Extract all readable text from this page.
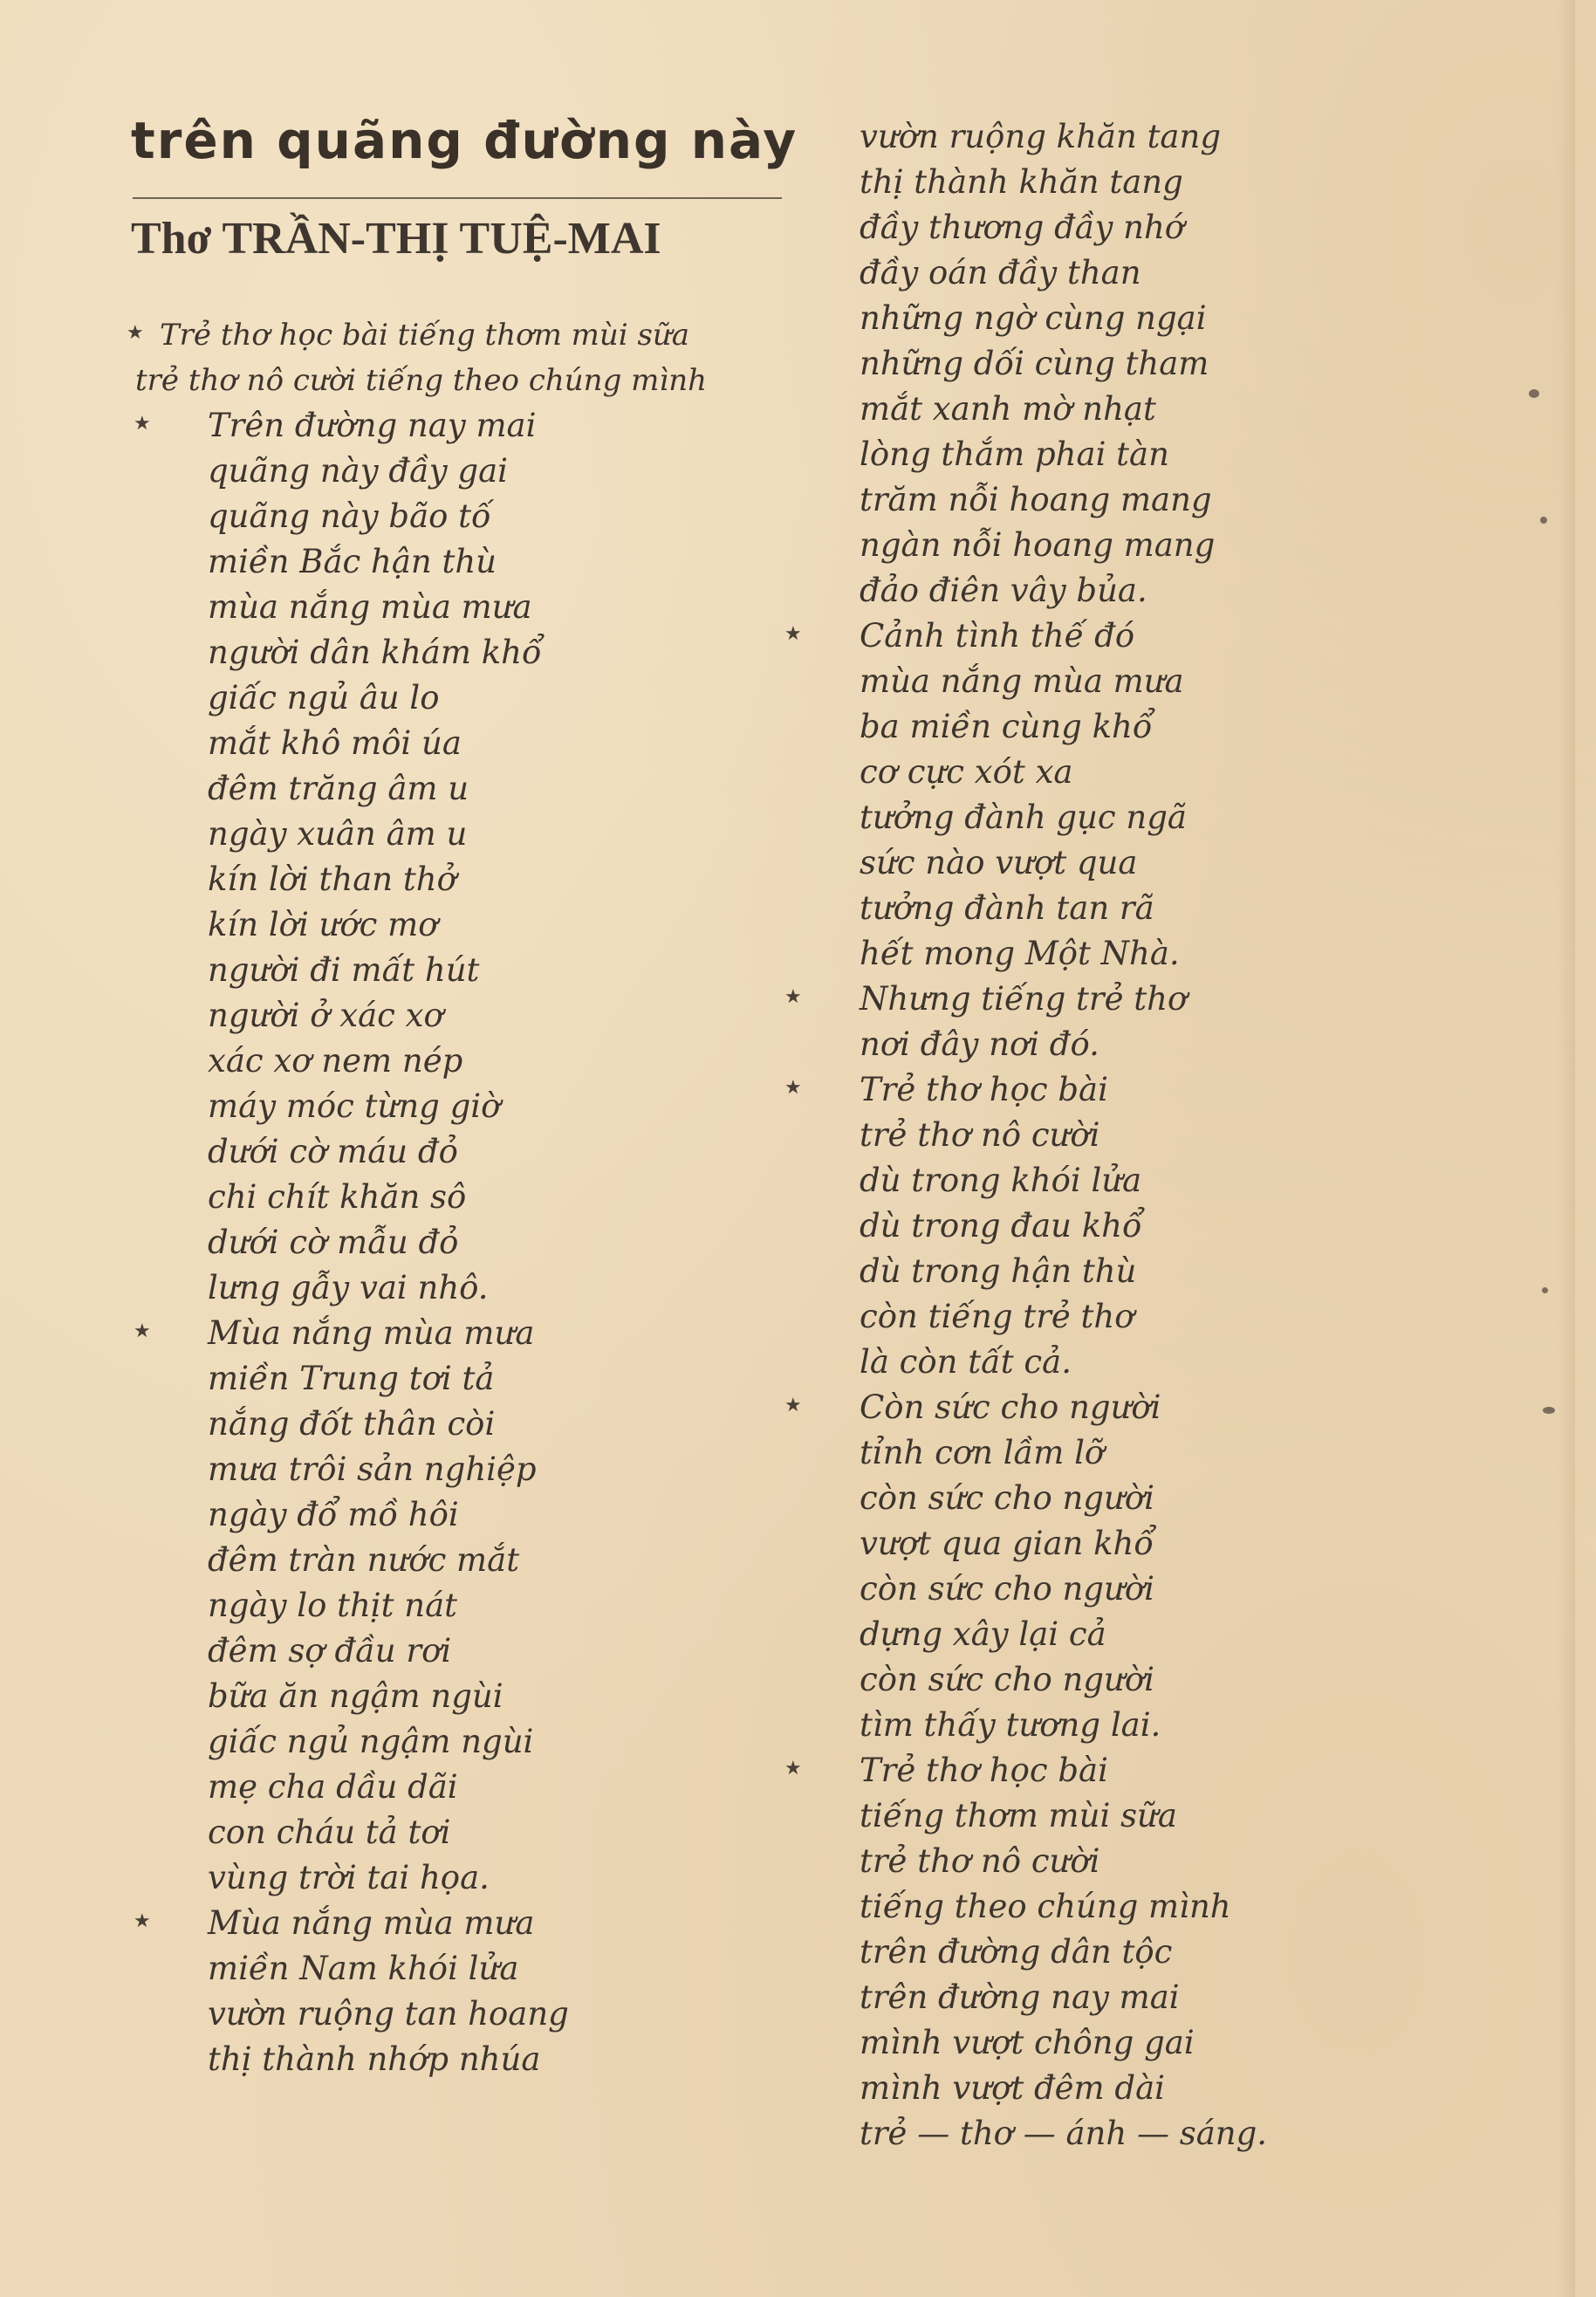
trên quãng đường này
Thơ TRẦN-THỊ TUỆ-MAI
★ Trẻ thơ học bài tiếng thơm mùi sữa
trẻ thơ nô cười tiếng theo chúng mình
★ Trên đường nay mai
quãng này đầy gai
quãng này bão tố
miền Bắc hận thù
mùa nắng mùa mưa
người dân khám khổ
giấc ngủ âu lo
mắt khô môi úa
đêm trăng âm u
ngày xuân âm u
kín lời than thở
kín lời ước mơ
người đi mất hút
người ở xác xơ
xác xơ nem nép
máy móc từng giờ
dưới cờ máu đỏ
chi chít khăn sô
dưới cờ mẫu đỏ
lưng gẫy vai nhô.
★ Mùa nắng mùa mưa
miền Trung tơi tả
nắng đốt thân còi
mưa trôi sản nghiệp
ngày đổ mồ hôi
đêm tràn nước mắt
ngày lo thịt nát
đêm sợ đầu rơi
bữa ăn ngậm ngùi
giấc ngủ ngậm ngùi
mẹ cha dầu dãi
con cháu tả tơi
vùng trời tai họa.
★ Mùa nắng mùa mưa
miền Nam khói lửa
vườn ruộng tan hoang
thị thành nhớp nhúa
vườn ruộng khăn tang
thị thành khăn tang
đầy thương đầy nhớ
đầy oán đầy than
những ngờ cùng ngại
những dối cùng tham
mắt xanh mờ nhạt
lòng thắm phai tàn
trăm nỗi hoang mang
ngàn nỗi hoang mang
đảo điên vây bủa.
★ Cảnh tình thế đó
mùa nắng mùa mưa
ba miền cùng khổ
cơ cực xót xa
tưởng đành gục ngã
sức nào vượt qua
tưởng đành tan rã
hết mong Một Nhà.
★ Nhưng tiếng trẻ thơ
nơi đây nơi đó.
★ Trẻ thơ học bài
trẻ thơ nô cười
dù trong khói lửa
dù trong đau khổ
dù trong hận thù
còn tiếng trẻ thơ
là còn tất cả.
★ Còn sức cho người
tỉnh cơn lầm lỡ
còn sức cho người
vượt qua gian khổ
còn sức cho người
dựng xây lại cả
còn sức cho người
tìm thấy tương lai.
★ Trẻ thơ học bài
tiếng thơm mùi sữa
trẻ thơ nô cười
tiếng theo chúng mình
trên đường dân tộc
trên đường nay mai
mình vượt chông gai
mình vượt đêm dài
trẻ — thơ — ánh — sáng.
